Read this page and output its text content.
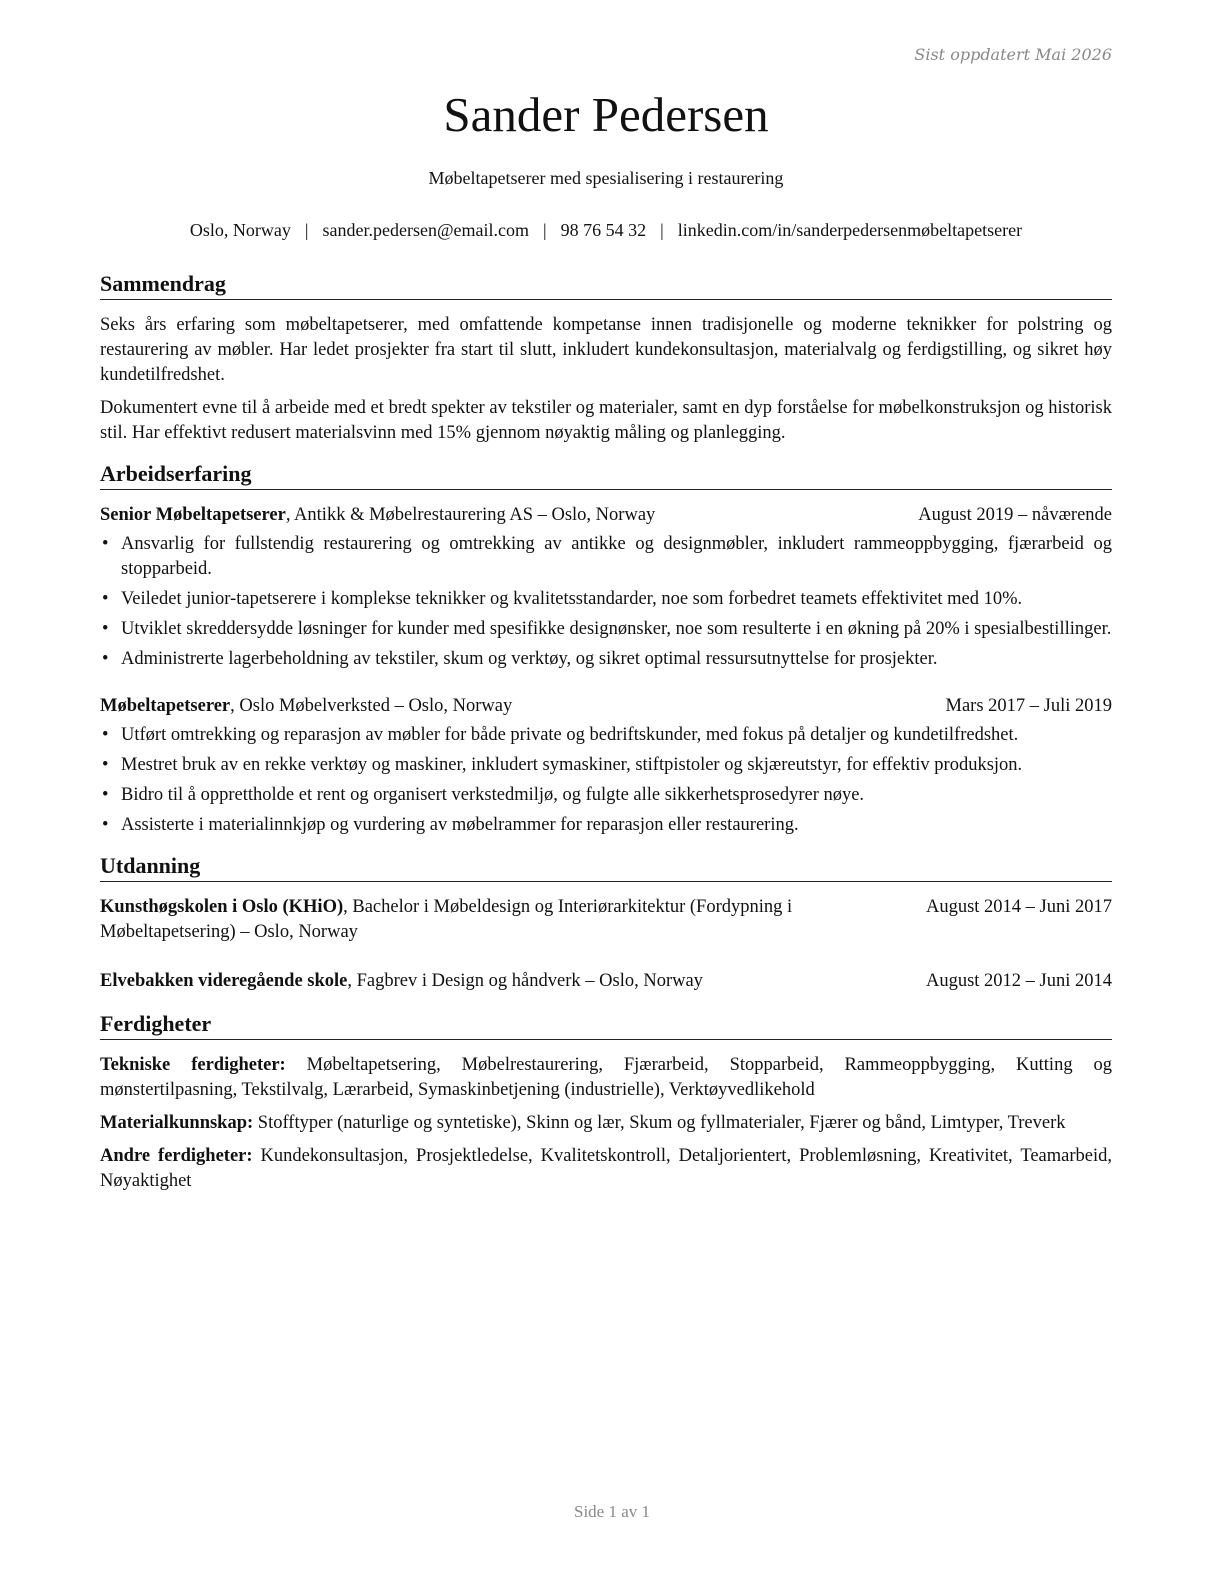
Sist oppdatert Mai 2026
Sander Pedersen
Møbeltapetserer med spesialisering i restaurering
Oslo, Norway | sander.pedersen@email.com | 98 76 54 32 | linkedin.com/in/sanderpedersenmøbeltapetserer
Sammendrag

Seks års erfaring som møbeltapetserer, med omfattende kompetanse innen tradisjonelle og moderne teknikker for polstring og restaurering av møbler. Har ledet prosjekter fra start til slutt, inkludert kundekonsultasjon, materialvalg og ferdigstilling, og sikret høy kundetilfredshet.

Dokumentert evne til å arbeide med et bredt spekter av tekstiler og materialer, samt en dyp forståelse for møbelkonstruksjon og historisk stil. Har effektivt redusert materialsvinn med 15% gjennom nøyaktig måling og planlegging.

Arbeidserfaring
Senior Møbeltapetserer, Antikk & Møbelrestaurering AS – Oslo, Norway	August 2019 – nåværende
• Ansvarlig for fullstendig restaurering og omtrekking av antikke og designmøbler, inkludert rammeoppbygging, fjærarbeid og stopparbeid.
• Veiledet junior-tapetserere i komplekse teknikker og kvalitetsstandarder, noe som forbedret teamets effektivitet med 10%.
• Utviklet skreddersydde løsninger for kunder med spesifikke designønsker, noe som resulterte i en økning på 20% i spesialbestillinger.
• Administrerte lagerbeholdning av tekstiler, skum og verktøy, og sikret optimal ressursutnyttelse for prosjekter.
Møbeltapetserer, Oslo Møbelverksted – Oslo, Norway	Mars 2017 – Juli 2019
• Utført omtrekking og reparasjon av møbler for både private og bedriftskunder, med fokus på detaljer og kundetilfredshet.
• Mestret bruk av en rekke verktøy og maskiner, inkludert symaskiner, stiftpistoler og skjæreutstyr, for effektiv produksjon.
• Bidro til å opprettholde et rent og organisert verkstedmiljø, og fulgte alle sikkerhetsprosedyrer nøye.
• Assisterte i materialinnkjøp og vurdering av møbelrammer for reparasjon eller restaurering.
Utdanning
Kunsthøgskolen i Oslo (KHiO), Bachelor i Møbeldesign og Interiørarkitektur (Fordypning i Møbeltapetsering) – Oslo, Norway
August 2014 – Juni 2017
Elvebakken videregående skole, Fagbrev i Design og håndverk – Oslo, Norway	August 2012 – Juni 2014
Ferdigheter

Tekniske ferdigheter: Møbeltapetsering, Møbelrestaurering, Fjærarbeid, Stopparbeid, Rammeoppbygging, Kutting og mønstertilpasning, Tekstilvalg, Lærarbeid, Symaskinbetjening (industrielle), Verktøyvedlikehold

Materialkunnskap: Stofftyper (naturlige og syntetiske), Skinn og lær, Skum og fyllmaterialer, Fjærer og bånd, Limtyper, Treverk

Andre ferdigheter: Kundekonsultasjon, Prosjektledelse, Kvalitetskontroll, Detaljorientert, Problemløsning, Kreativitet, Teamarbeid, Nøyaktighet

Side 1 av 1
